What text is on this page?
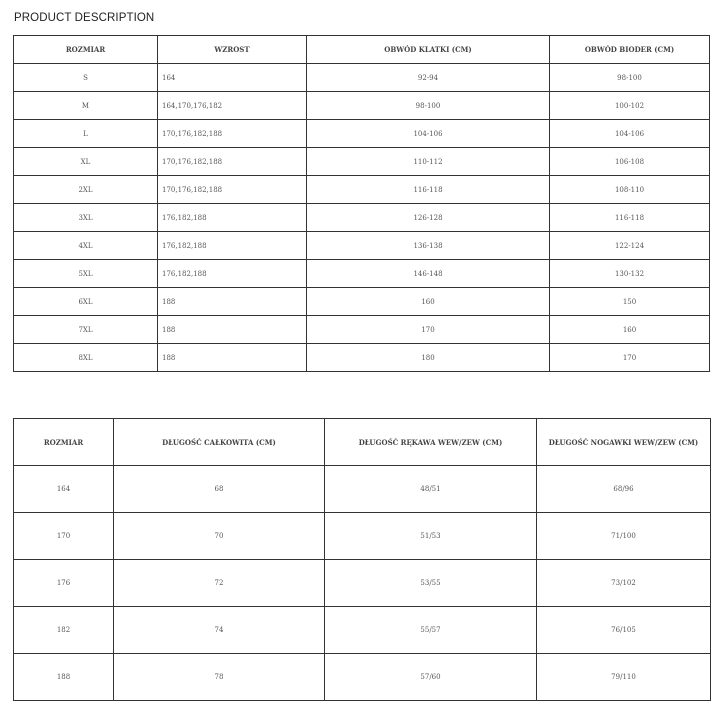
PRODUCT DESCRIPTION
ROZMIAR	WZROST	OBWÓD KLATKI (CM)	OBWÓD BIODER (CM)
S	164	92-94	98-100
M	164,170,176,182	98-100	100-102
L	170,176,182,188	104-106	104-106
XL	170,176,182,188	110-112	106-108
2XL	170,176,182,188	116-118	108-110
3XL	176,182,188	126-128	116-118
4XL	176,182,188	136-138	122-124
5XL	176,182,188	146-148	130-132
6XL	188	160	150
7XL	188	170	160
8XL	188	180	170
ROZMIAR	DŁUGOŚĆ CAŁKOWITA (CM)	DŁUGOŚĆ RĘKAWA WEW/ZEW (CM)	DŁUGOŚĆ NOGAWKI WEW/ZEW (CM)
164	68	48/51	68/96
170	70	51/53	71/100
176	72	53/55	73/102
182	74	55/57	76/105
188	78	57/60	79/110
